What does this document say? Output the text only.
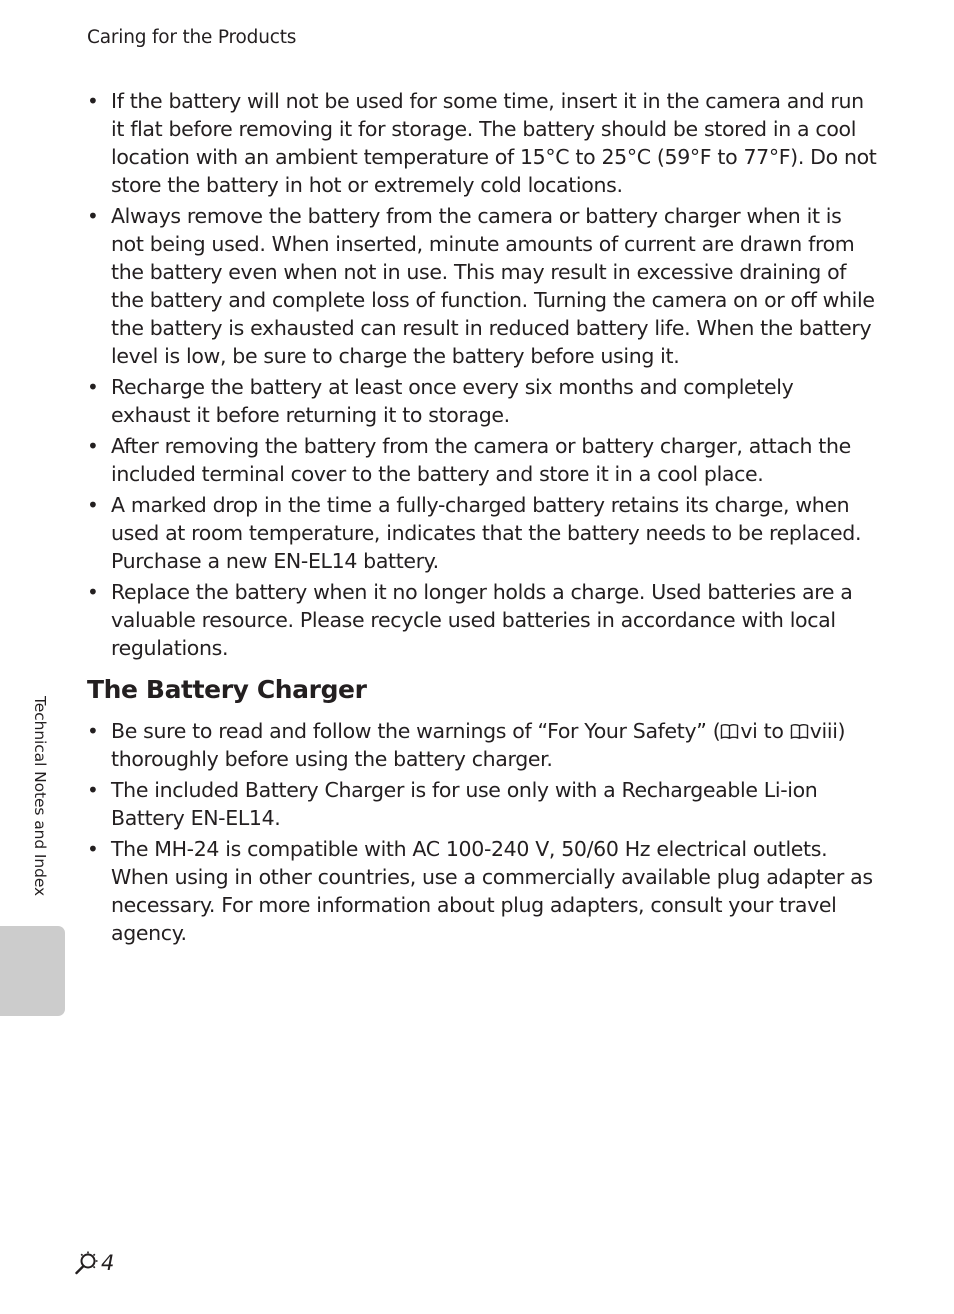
Caring for the Products
• If the battery will not be used for some time, insert it in the camera and run it flat before removing it for storage. The battery should be stored in a cool location with an ambient temperature of 15°C to 25°C (59°F to 77°F). Do not store the battery in hot or extremely cold locations.
• Always remove the battery from the camera or battery charger when it is not being used. When inserted, minute amounts of current are drawn from the battery even when not in use. This may result in excessive draining of the battery and complete loss of function. Turning the camera on or off while the battery is exhausted can result in reduced battery life. When the battery level is low, be sure to charge the battery before using it.
• Recharge the battery at least once every six months and completely exhaust it before returning it to storage.
• After removing the battery from the camera or battery charger, attach the included terminal cover to the battery and store it in a cool place.
• A marked drop in the time a fully-charged battery retains its charge, when used at room temperature, indicates that the battery needs to be replaced. Purchase a new EN-EL14 battery.
• Replace the battery when it no longer holds a charge. Used batteries are a valuable resource. Please recycle used batteries in accordance with local regulations.
The Battery Charger
• Be sure to read and follow the warnings of “For Your Safety” ( vi to viii) thoroughly before using the battery charger.
• The included Battery Charger is for use only with a Rechargeable Li-ion Battery EN-EL14.
• The MH-24 is compatible with AC 100-240 V, 50/60 Hz electrical outlets. When using in other countries, use a commercially available plug adapter as necessary. For more information about plug adapters, consult your travel agency.
Technical Notes and Index
4
